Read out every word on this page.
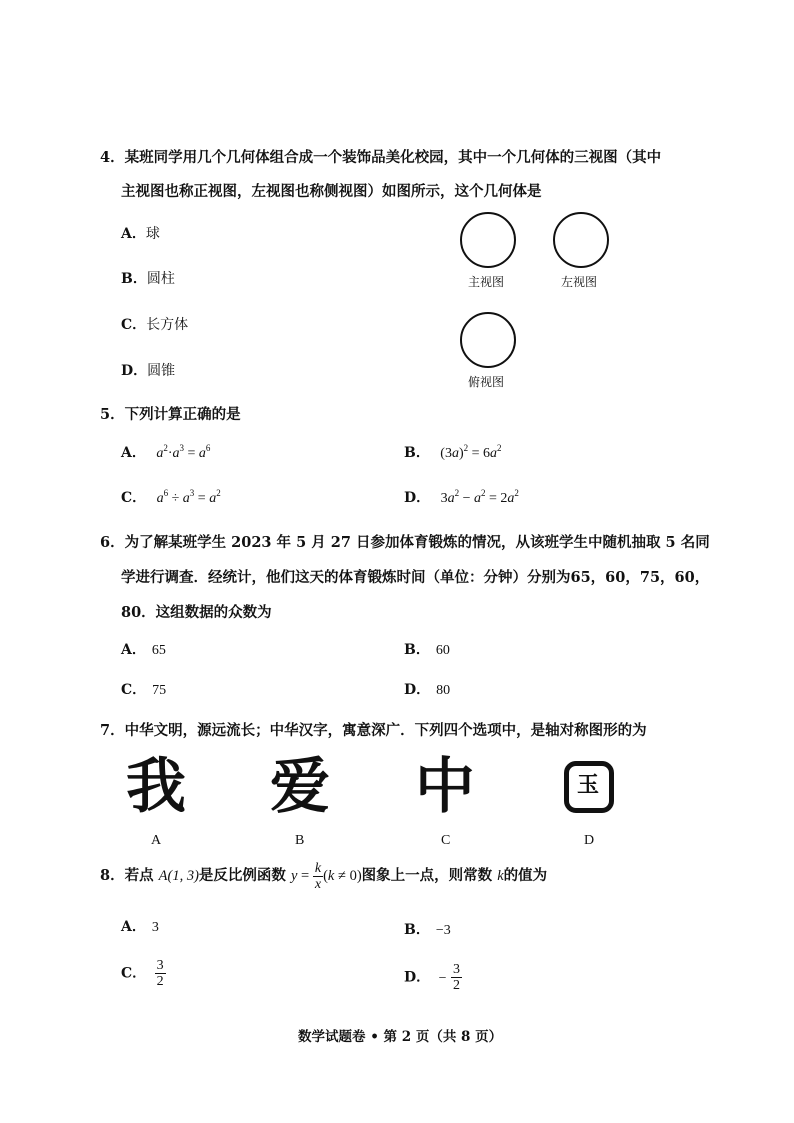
4．某班同学用几个几何体组合成一个装饰品美化校园，其中一个几何体的三视图（其中
主视图也称正视图，左视图也称侧视图）如图所示，这个几何体是
A．球
B．圆柱
C．长方体
D．圆锥
主视图	左视图
俯视图
5．下列计算正确的是
A． $a^2\cdot a^3 = a^6$	B． $(3a)^2 = 6a^2$
C． $a^6 \div a^3 = a^2$	D． $3a^2 - a^2 = 2a^2$
6．为了解某班学生 2023 年 5 月 27 日参加体育锻炼的情况，从该班学生中随机抽取 5 名同
学进行调查．经统计，他们这天的体育锻炼时间（单位：分钟）分别为65，60，75，60，
80．这组数据的众数为
A． 65	B． 60
C． 75	D． 80
7．中华文明，源远流长；中华汉字，寓意深广．下列四个选项中，是轴对称图形的为
我
A
爱
B
中
C
玉
D
8．若点 A(1, 3)是反比例函数 $y = \frac{k}{x} (k \ne 0)$图象上一点，则常数 k的值为
A． 3	B． −3
C． $\frac{3}{2}$	D． − $\frac{3}{2}$
数学试题卷 • 第 2 页（共 8 页）
